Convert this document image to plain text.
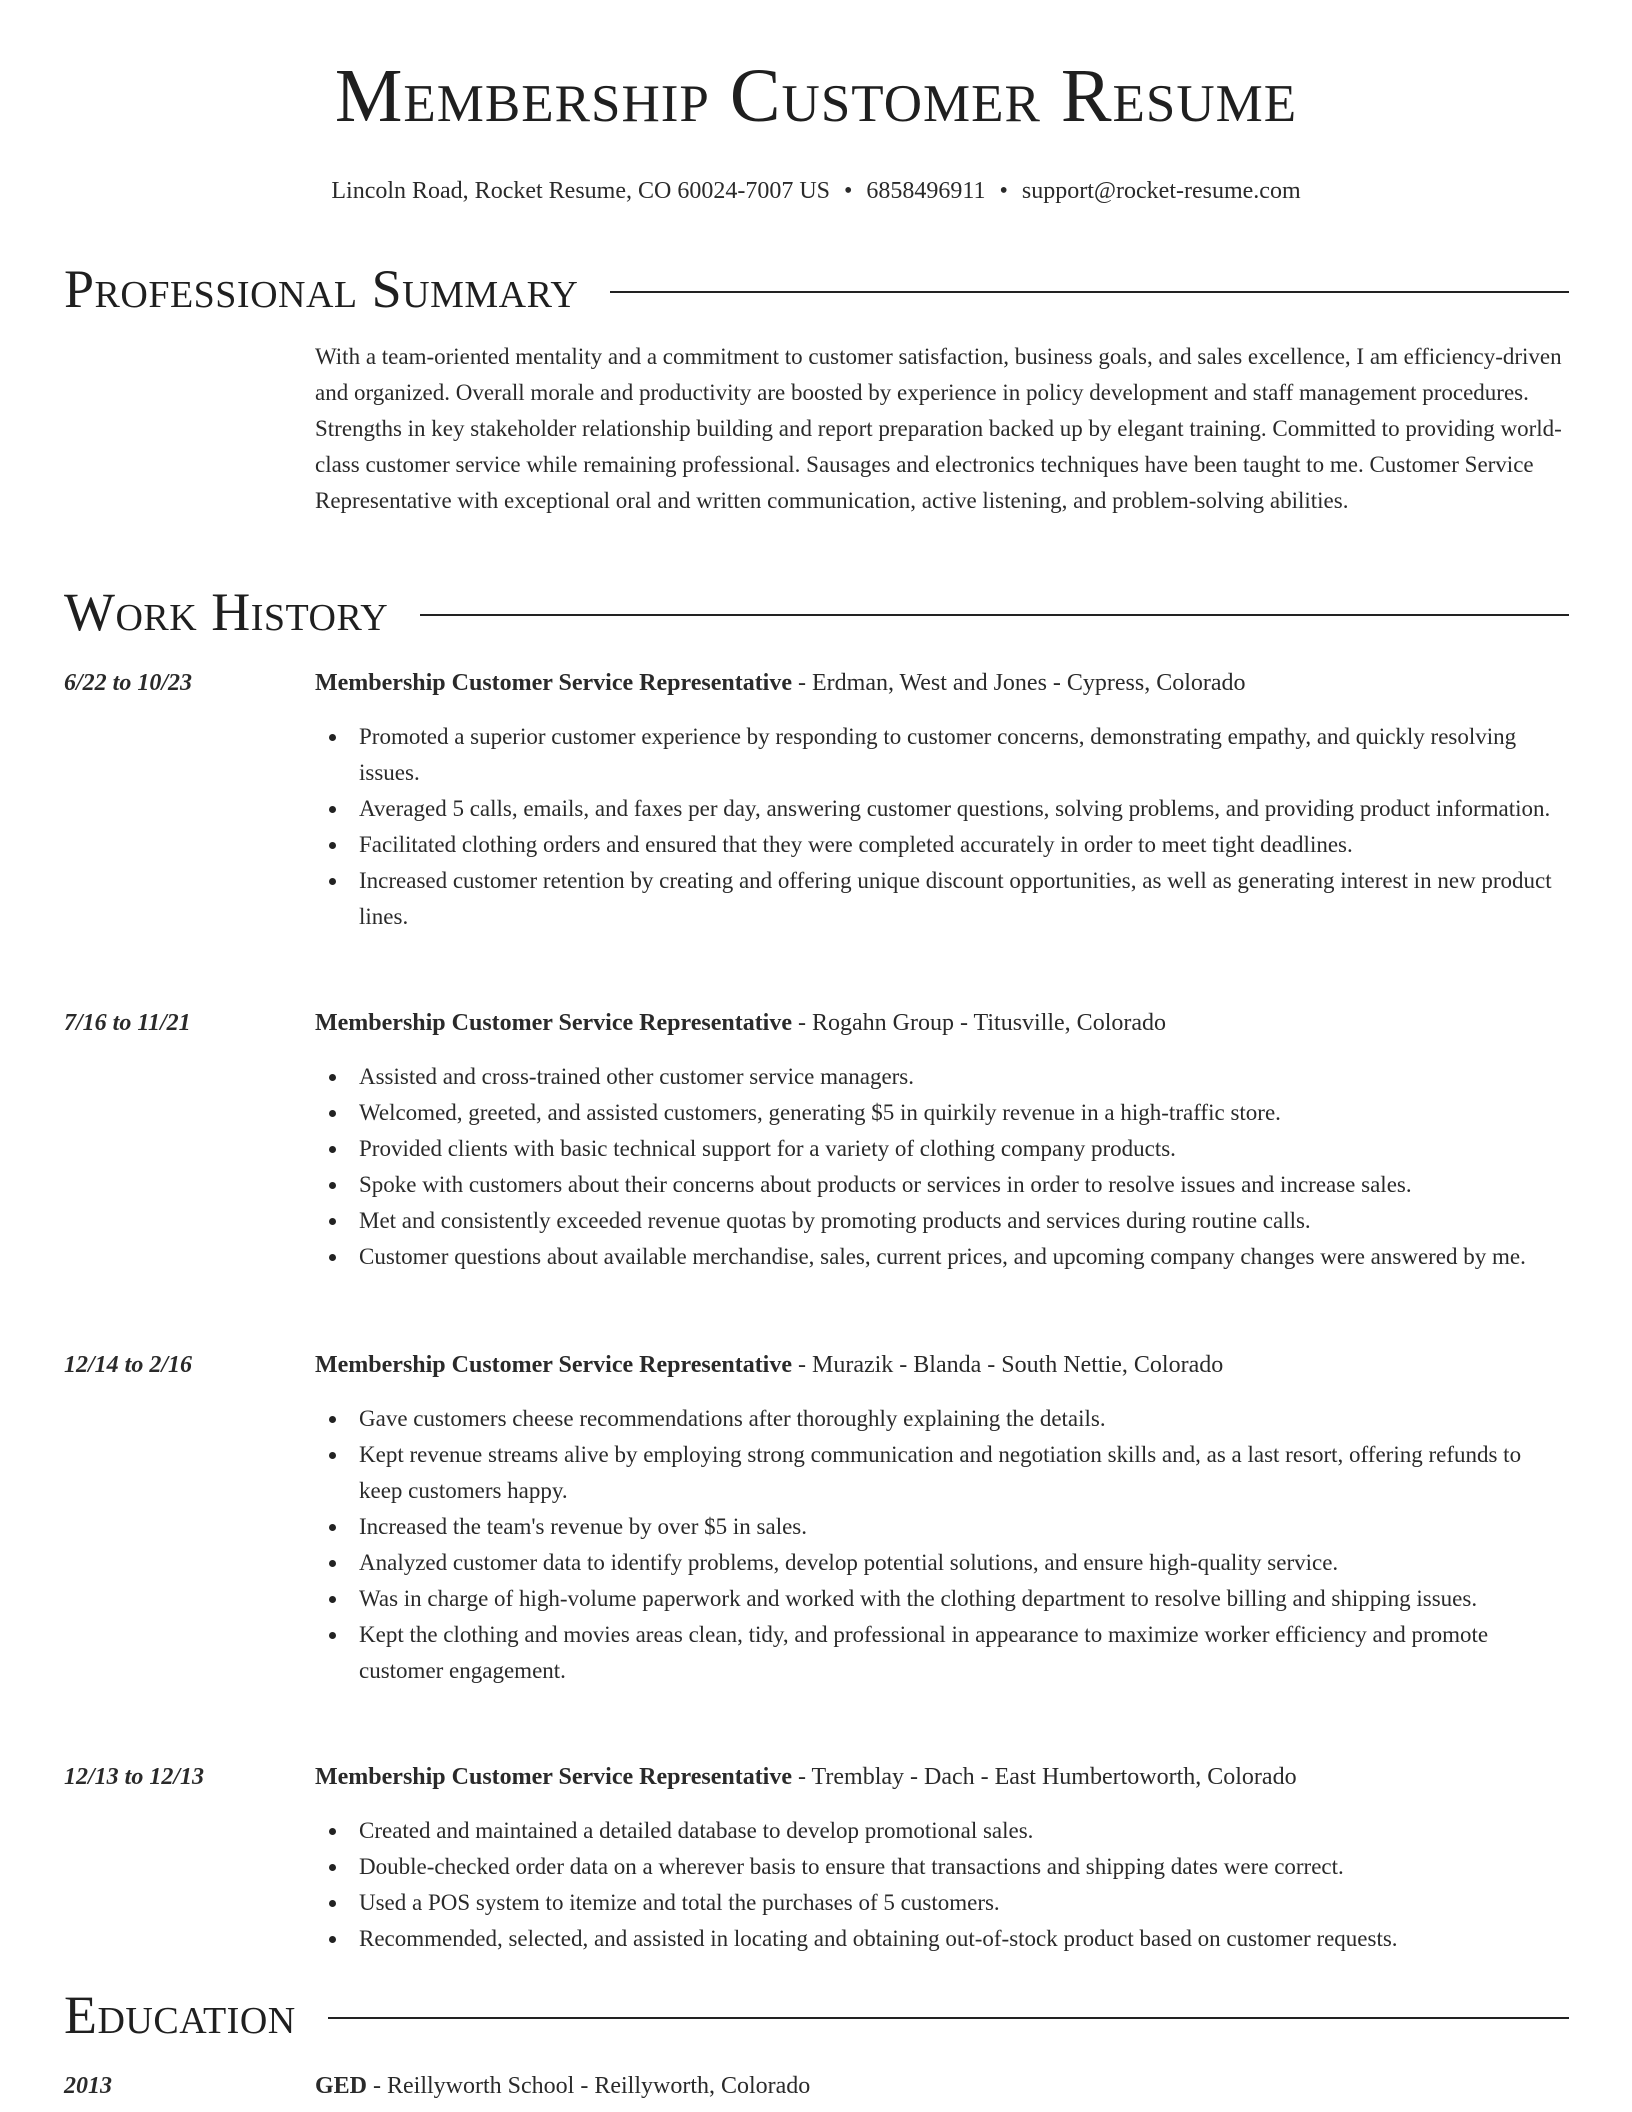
Membership Customer Resume
Lincoln Road, Rocket Resume, CO 60024-7007 US • 6858496911 • support@rocket-resume.com
Professional Summary

With a team-oriented mentality and a commitment to customer satisfaction, business goals, and sales excellence, I am efficiency-driven and organized. Overall morale and productivity are boosted by experience in policy development and staff management procedures. Strengths in key stakeholder relationship building and report preparation backed up by elegant training. Committed to providing world-class customer service while remaining professional. Sausages and electronics techniques have been taught to me. Customer Service Representative with exceptional oral and written communication, active listening, and problem-solving abilities.

Work History
6/22 to 10/23	Membership Customer Service Representative - Erdman, West and Jones - Cypress, Colorado
Promoted a superior customer experience by responding to customer concerns, demonstrating empathy, and quickly resolving issues.
Averaged 5 calls, emails, and faxes per day, answering customer questions, solving problems, and providing product information.
Facilitated clothing orders and ensured that they were completed accurately in order to meet tight deadlines.
Increased customer retention by creating and offering unique discount opportunities, as well as generating interest in new product lines.
7/16 to 11/21	Membership Customer Service Representative - Rogahn Group - Titusville, Colorado
Assisted and cross-trained other customer service managers.
Welcomed, greeted, and assisted customers, generating $5 in quirkily revenue in a high-traffic store.
Provided clients with basic technical support for a variety of clothing company products.
Spoke with customers about their concerns about products or services in order to resolve issues and increase sales.
Met and consistently exceeded revenue quotas by promoting products and services during routine calls.
Customer questions about available merchandise, sales, current prices, and upcoming company changes were answered by me.
12/14 to 2/16	Membership Customer Service Representative - Murazik - Blanda - South Nettie, Colorado
Gave customers cheese recommendations after thoroughly explaining the details.
Kept revenue streams alive by employing strong communication and negotiation skills and, as a last resort, offering refunds to keep customers happy.
Increased the team's revenue by over $5 in sales.
Analyzed customer data to identify problems, develop potential solutions, and ensure high-quality service.
Was in charge of high-volume paperwork and worked with the clothing department to resolve billing and shipping issues.
Kept the clothing and movies areas clean, tidy, and professional in appearance to maximize worker efficiency and promote customer engagement.
12/13 to 12/13	Membership Customer Service Representative - Tremblay - Dach - East Humbertoworth, Colorado
Created and maintained a detailed database to develop promotional sales.
Double-checked order data on a wherever basis to ensure that transactions and shipping dates were correct.
Used a POS system to itemize and total the purchases of 5 customers.
Recommended, selected, and assisted in locating and obtaining out-of-stock product based on customer requests.
Education
2013	GED - Reillyworth School - Reillyworth, Colorado
